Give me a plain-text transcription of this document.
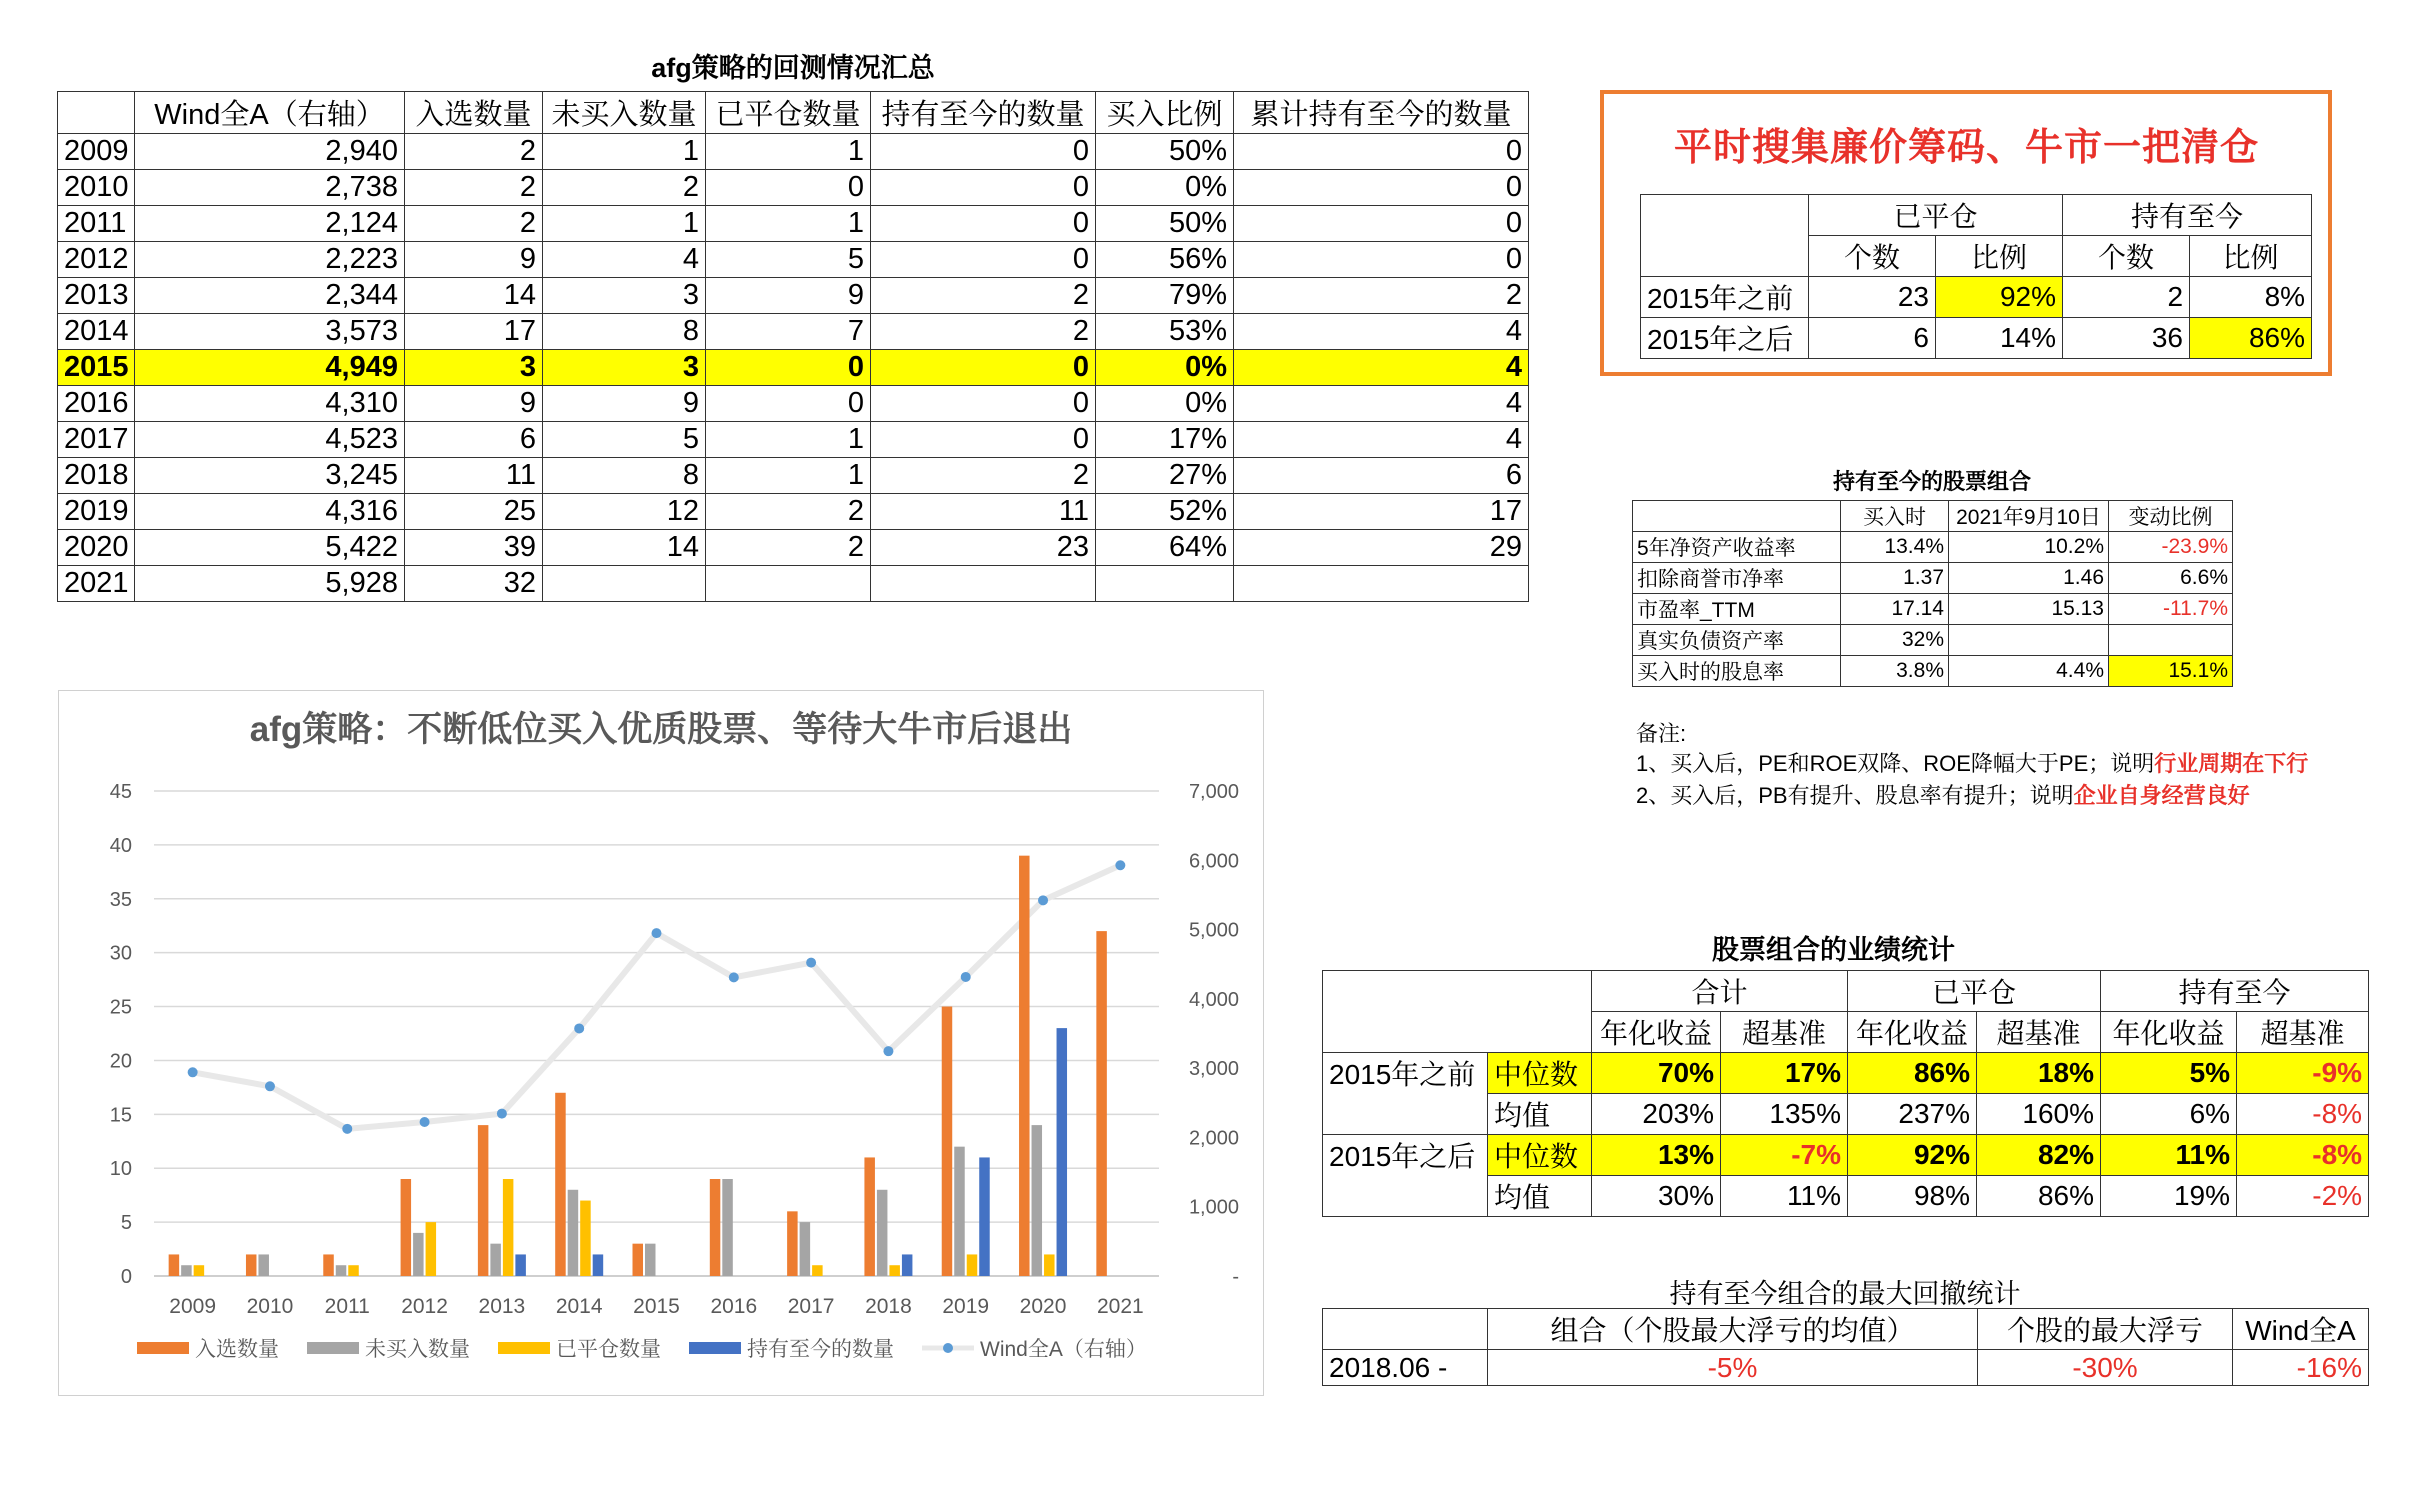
afg策略的回测情况汇总
	Wind全A（右轴）	入选数量	未买入数量	已平仓数量	持有至今的数量	买入比例	累计持有至今的数量
2009	2,940	2	1	1	0	50%	0
2010	2,738	2	2	0	0	0%	0
2011	2,124	2	1	1	0	50%	0
2012	2,223	9	4	5	0	56%	0
2013	2,344	14	3	9	2	79%	2
2014	3,573	17	8	7	2	53%	4
2015	4,949	3	3	0	0	0%	4
2016	4,310	9	9	0	0	0%	4
2017	4,523	6	5	1	0	17%	4
2018	3,245	11	8	1	2	27%	6
2019	4,316	25	12	2	11	52%	17
2020	5,422	39	14	2	23	64%	29
2021	5,928	32					
平时搜集廉价筹码、牛市一把清仓
	已平仓		持有至今	
	个数	比例	个数	比例
2015年之前	23	92%	2	8%
2015年之后	6	14%	36	86%
持有至今的股票组合
	买入时	2021年9月10日	变动比例
5年净资产收益率	13.4%	10.2%	-23.9%
扣除商誉市净率	1.37	1.46	6.6%
市盈率_TTM	17.14	15.13	-11.7%
真实负债资产率	32%		
买入时的股息率	3.8%	4.4%	15.1%
备注:
1、买入后，PE和ROE双降、ROE降幅大于PE；说明行业周期在下行
2、买入后，PB有提升、股息率有提升；说明企业自身经营良好
股票组合的业绩统计
		合计		已平仓		持有至今	
		年化收益	超基准	年化收益	超基准	年化收益	超基准
2015年之前	中位数	70%	17%	86%	18%	5%	-9%
	均值	203%	135%	237%	160%	6%	-8%
2015年之后	中位数	13%	-7%	92%	82%	11%	-8%
	均值	30%	11%	98%	86%	19%	-2%
持有至今组合的最大回撤统计
	组合（个股最大浮亏的均值）	个股的最大浮亏	Wind全A
2018.06 -	-5%	-30%	-16%
afg策略：不断低位买入优质股票、等待大牛市后退出
0
5
10
15
20
25
30
35
40
45
-
1,000
2,000
3,000
4,000
5,000
6,000
7,000
2009 2010 2011 2012 2013 2014 2015 2016 2017 2018 2019 2020 2021
入选数量	未买入数量	已平仓数量	持有至今的数量	Wind全A（右轴）
